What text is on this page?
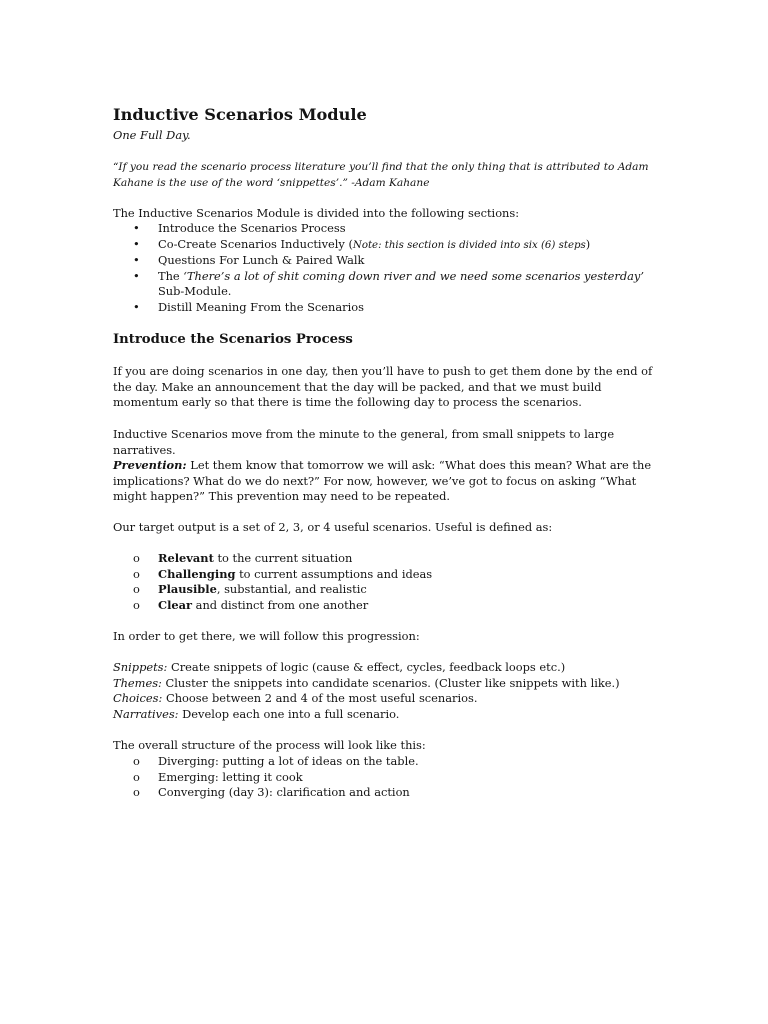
Inductive Scenarios Module

One Full Day.

“If you read the scenario process literature you’ll find that the only thing that is attributed to Adam Kahane is the use of the word ‘snippettes’.” -Adam Kahane

The Inductive Scenarios Module is divided into the following sections:

• Introduce the Scenarios Process
• Co-Create Scenarios Inductively (Note: this section is divided into six (6) steps)
• Questions For Lunch & Paired Walk
• The ‘There’s a lot of shit coming down river and we need some scenarios yesterday’ Sub-Module.
• Distill Meaning From the Scenarios
Introduce the Scenarios Process

If you are doing scenarios in one day, then you’ll have to push to get them done by the end of the day. Make an announcement that the day will be packed, and that we must build momentum early so that there is time the following day to process the scenarios.

Inductive Scenarios move from the minute to the general, from small snippets to large narratives.

Prevention: Let them know that tomorrow we will ask: “What does this mean? What are the implications? What do we do next?” For now, however, we’ve got to focus on asking “What might happen?” This prevention may need to be repeated.

Our target output is a set of 2, 3, or 4 useful scenarios. Useful is defined as:

o Relevant to the current situation
o Challenging to current assumptions and ideas
o Plausible, substantial, and realistic
o Clear and distinct from one another

In order to get there, we will follow this progression:

Snippets: Create snippets of logic (cause & effect, cycles, feedback loops etc.)
Themes: Cluster the snippets into candidate scenarios. (Cluster like snippets with like.)
Choices: Choose between 2 and 4 of the most useful scenarios.
Narratives: Develop each one into a full scenario.

The overall structure of the process will look like this:

o Diverging: putting a lot of ideas on the table.
o Emerging: letting it cook
o Converging (day 3): clarification and action
